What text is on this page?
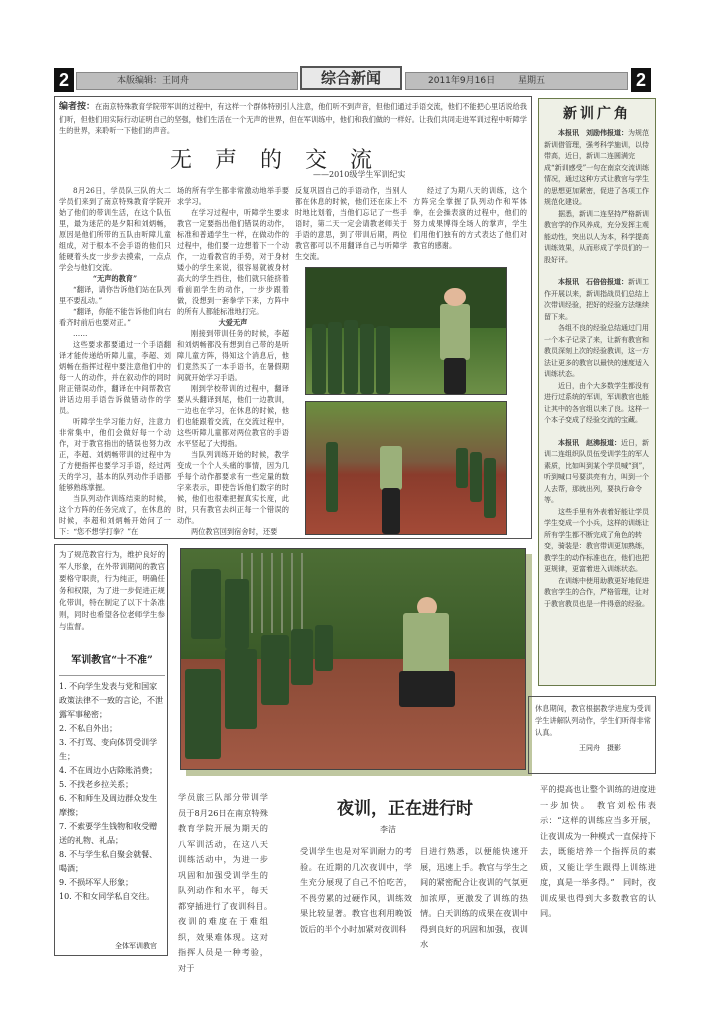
2	本版编辑：王同舟	综合新闻	2011年9月16日	星期五	2
编者按：在南京特殊教育学院带军训的过程中，有这样一个群体特别引人注意，他们听不到声音，但他们通过手语交流，他们不能把心里话说给我们听，但他们用实际行动证明自己的坚强，他们生活在一个无声的世界，但在军训练中，他们和我们做的一样好。让我们共同走进军训过程中听障学生的世界，来聆听一下他们的声音。
无 声 的 交 流
——2010级学生军训纪实

8月26日，学员队三队的大二学员们来到了南京特殊教育学院开始了他们的带训生活，在这个队伍里，最为迷茫的是夕阳和刘炳畅，原因是他们所带的五队由听障儿童组成，对于根本不会手语的他们只能硬着头皮一步步去摸索，一点点学会与他们交流。

“无声的教育”

“翻译，请你告诉他们站在队列里不要乱动。”

“翻译，你能不能告诉他们向右看齐时前后也要对正。”

……

这些要求都要通过一个手语翻译才能传递给听障儿童，李超、刘炳畅在指挥过程中要注意他们中的每一人的动作，并在叙动作的同时附正错误动作，翻译在中间帮教官讲话边用手语告诉做错动作的学员。

听障学生学习能力好，注意力非常集中，他们会做好每一个动作，对于教官指出的错误也努力改正，李超、刘炳畅带训的过程中为了方便指挥也要学习手语，经过两天的学习，基本的队列动作手语都能够熟练掌握。

当队列动作训练结束的时候，这个方阵的任务完成了，在休息的时候，李超和刘炳畅开始问了一下：“您不想学打拳？”在

场的所有学生都非常激动地举手要求学习。

在学习过程中，听障学生要求教官一定要指出他们错误的动作，标准和普通学生一样，在做动作的过程中，他们要一边想着下一个动作，一边看教官的手势，对于身材矮小的学生来说，很容易就被身材高大的学生挡住，他们就只能挤着看前面学生的动作，一步步跟着做，没想到一套拳学下来，方阵中的所有人都能标准地打完。

大爱无声

刚接到带训任务的时候，李超和刘炳畅都没有想到自己带的是听障儿童方阵，得知这个消息后，他们竟然买了一本手语书，在暑假期间就开始学习手语。

刚到学校带训的过程中，翻译要从头翻译到尾，他们一边教训，一边也在学习，在休息的时候，他们也能跟着交流，在交流过程中，这些听障儿童都对两位教官的手语水平竖起了大拇指。

当队列训练开始的时候，教学变成一个个人头痛的事情，因为几乎每个动作都要求有一些定量的数字来表示，即使告诉他们数字的时候，他们也很难把握真实长度，此时，只有教官去纠正每一个错误的动作。

两位教官回到宿舍时，还要

反复巩固自己的手语动作，当别人都在休息的时候，他们还在床上不时地比划着，当他们忘记了一些手语时，第二天一定会请教老师关于手语的意思，到了带训后期，两位教官都可以不用翻译自己与听障学生交流。

经过了为期八天的训练，这个方阵完全掌握了队列动作和军体拳，在会操表演的过程中，他们的努力成果博得全场人的掌声，学生们用他们独有的方式表达了他们对教官的感谢。

新训广角

本报讯　刘励伟报道：为规范新训借管理，强考科学施训，以侍带高，近日，新训二连圆满完成“新训感受”一句在南京交流训练情况，通过这种方式让教官与学生的思想更加紧密，促进了各项工作规范化建设。

据悉，新训二连坚持严格新训教官学的作风养成，充分发挥主观能动性，突出以人为本，科学提高训练效果，从而形成了学员们的一股好评。

本报讯　石倍倍报道：新训工作开展以来，新训指战员们总结上次带训经验，把好的经验方法继续留下来。

各组不良的经验总结通过门用一个本子记录了来，让新有教官和教员深刻上次的经验教训，这一方法让更多的教官以最快的速度适入训练状态。

近日，由个大多数学生都没有进行过系统的军训，军训教官也能让其中的各官组以来了良。这样一个本子变成了经验交流的宝藏。

本报讯　赵沸报道：近日，新训二连组织队员伍受训学生的军人素质，比如叫到某个学员喊“到”，听到喊口号要洪亮有力，叫到一个人去帮，那就出列，要执行命令等。

这些手里有外表着好能让学员学生变成一个小兵，这样的训练让所有学生都不断完成了角色的转变，骑装是：教官带训更加熟练，教学生的动作标准也在，他们也把更规律，更富着进入训练状态。

在训练中使用助教更好地促进教官学生的合作，严格管理，让对于教官教员也是一件得意的经验。

为了规范教官行为，维护良好的军人形象，在外带训期间的教官要格守职责，行为纯正，明确任务和权限，为了进一步促进正规化带训，特在制定了以下十条准则，同时也希望各位老师学生参与监督。
军训教官“十不准”
1. 不向学生发表与党和国家政策法律不一致的言论，不泄露军事秘密；
2. 不私自外出；
3. 不打骂、变向体罚受训学生；
4. 不在周边小店除账消费；
5. 不找老乡拉关系；
6. 不和师生及周边群众发生摩擦；
7. 不索要学生钱物和收受赠送的礼物、礼品；
8. 不与学生私自聚会就餐、喝酒；
9. 不损坏军人形象；
10. 不和女同学私自交往。
全体军训教官
休息期间，教官根据教学进度为受训学生讲解队列动作，学生们听得非常认真。
王同舟　摄影
夜训，正在进行时
李洁
学员旅三队部分带训学员于8月26日在南京特殊教育学院开展为期天的八军训活动，在这八天训练活动中，为进一步巩固和加强受训学生的队列动作和水平，每天都穿插进行了夜训科目。　夜训的难度在于难组织，效果难体现。这对指挥人员是一种考验，对于
受训学生也是对军训耐力的考验。在近期的几次夜训中，学生充分展现了自己不怕吃苦，不畏劳累的过硬作风，训练效果比较显著。教官也利用晚饭饭后的半个小时加紧对夜训科
目进行熟悉，以便能快速开展，迅速上手。教官与学生之间的紧密配合让夜训的气氛更加浓厚，更激发了训练的热情。白天训练的成果在夜训中得到良好的巩固和加强，夜训水
平的提高也让整个训练的进度进一步加快。　教官刘松伟表示：“这样的训练应当多开展，让夜训成为一种模式一直保持下去，既能培养一个指挥员的素质，又能让学生跟得上训练进度，真是一举多得。”　同时，夜训成果也得到大多数教官的认同。
